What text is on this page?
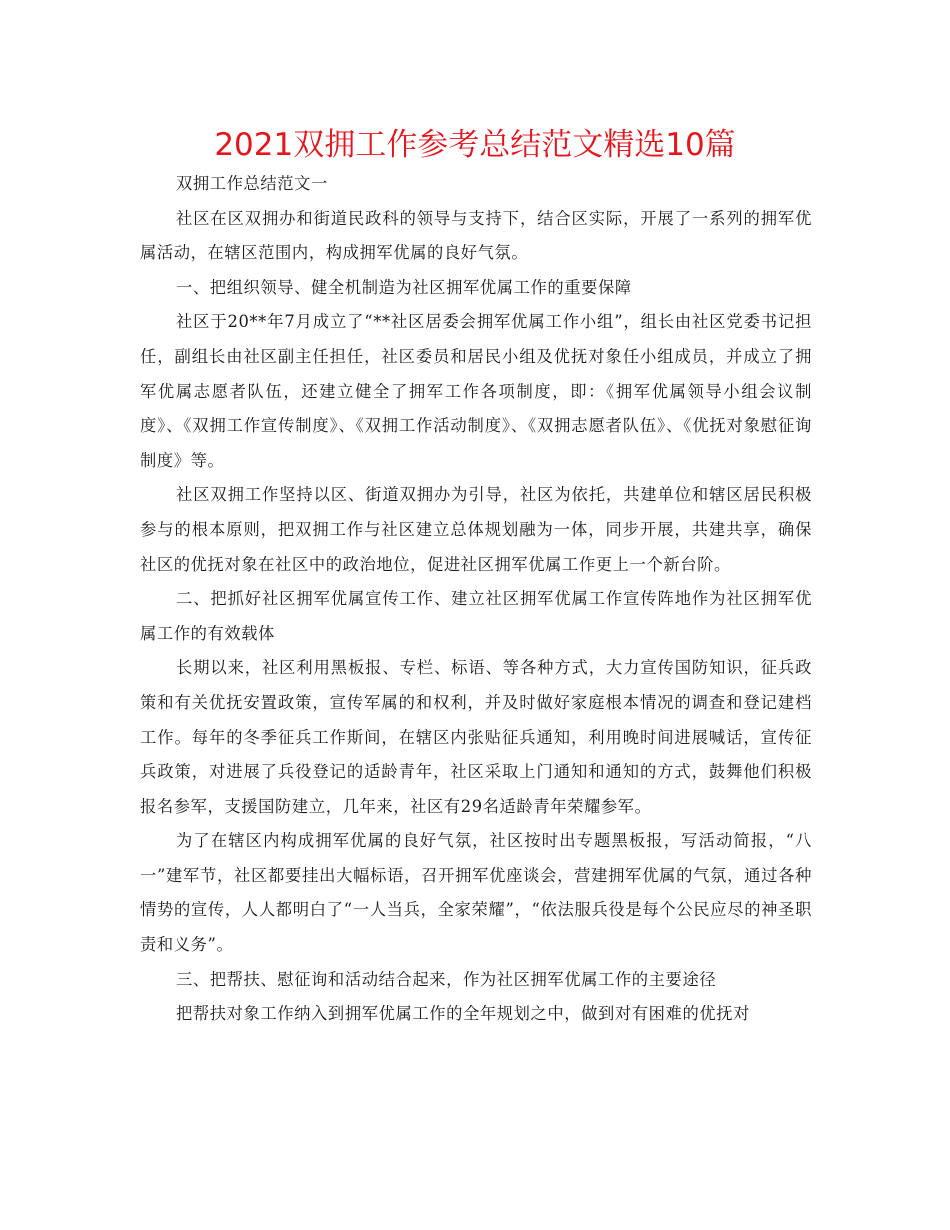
2021双拥工作参考总结范文精选10篇

双拥工作总结范文一

社区在区双拥办和街道民政科的领导与支持下，结合区实际，开展了一系列的拥军优属活动，在辖区范围内，构成拥军优属的良好气氛。

一、把组织领导、健全机制造为社区拥军优属工作的重要保障

社区于20**年7月成立了“**社区居委会拥军优属工作小组”，组长由社区党委书记担任，副组长由社区副主任担任，社区委员和居民小组及优抚对象任小组成员，并成立了拥军优属志愿者队伍，还建立健全了拥军工作各项制度，即：《拥军优属领导小组会议制度》、《双拥工作宣传制度》、《双拥工作活动制度》、《双拥志愿者队伍》、《优抚对象慰征询制度》等。

社区双拥工作坚持以区、街道双拥办为引导，社区为依托，共建单位和辖区居民积极参与的根本原则，把双拥工作与社区建立总体规划融为一体，同步开展，共建共享，确保社区的优抚对象在社区中的政治地位，促进社区拥军优属工作更上一个新台阶。

二、把抓好社区拥军优属宣传工作、建立社区拥军优属工作宣传阵地作为社区拥军优属工作的有效载体

长期以来，社区利用黑板报、专栏、标语、等各种方式，大力宣传国防知识，征兵政策和有关优抚安置政策，宣传军属的和权利，并及时做好家庭根本情况的调查和登记建档工作。每年的冬季征兵工作斯间，在辖区内张贴征兵通知，利用晚时间进展喊话，宣传征兵政策，对进展了兵役登记的适龄青年，社区采取上门通知和通知的方式，鼓舞他们积极报名参军，支援国防建立，几年来，社区有29名适龄青年荣耀参军。

为了在辖区内构成拥军优属的良好气氛，社区按时出专题黑板报，写活动简报，“八一”建军节，社区都要挂出大幅标语，召开拥军优座谈会，营建拥军优属的气氛，通过各种情势的宣传，人人都明白了“一人当兵，全家荣耀”，“依法服兵役是每个公民应尽的神圣职责和义务”。

三、把帮扶、慰征询和活动结合起来，作为社区拥军优属工作的主要途径

把帮扶对象工作纳入到拥军优属工作的全年规划之中，做到对有困难的优抚对
